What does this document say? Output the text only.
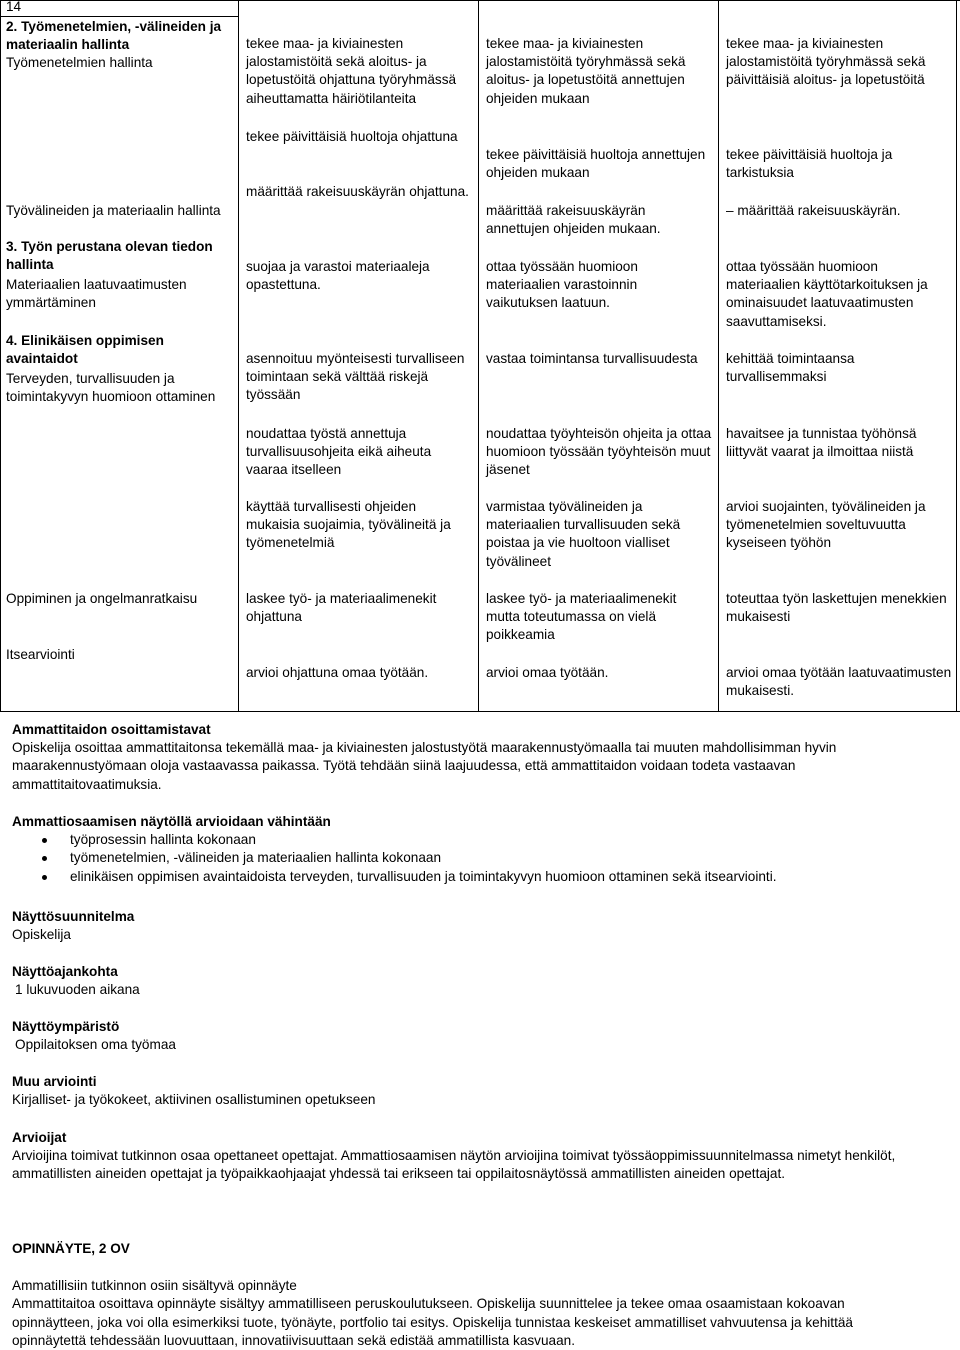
14
2. Työmenetelmien, -välineiden ja materiaalin hallinta
Työmenetelmien hallinta
Työvälineiden ja materiaalin hallinta
3. Työn perustana olevan tiedon hallinta
Materiaalien laatuvaatimusten ymmärtäminen
4. Elinikäisen oppimisen avaintaidot
Terveyden, turvallisuuden ja toimintakyvyn huomioon ottaminen
Oppiminen ja ongelmanratkaisu
Itsearviointi
tekee maa- ja kiviainesten jalostamistöitä sekä aloitus- ja lopetustöitä ohjattuna työryhmässä aiheuttamatta häiriötilanteita
tekee päivittäisiä huoltoja ohjattuna
määrittää rakeisuuskäyrän ohjattuna.
suojaa ja varastoi materiaaleja opastettuna.
asennoituu myönteisesti turvalliseen toimintaan sekä välttää riskejä työssään
noudattaa työstä annettuja turvallisuusohjeita eikä aiheuta vaaraa itselleen
käyttää turvallisesti ohjeiden mukaisia suojaimia, työvälineitä ja työmenetelmiä
laskee työ- ja materiaalimenekit ohjattuna
arvioi ohjattuna omaa työtään.
tekee maa- ja kiviainesten jalostamistöitä työryhmässä sekä aloitus- ja lopetustöitä annettujen ohjeiden mukaan
tekee päivittäisiä huoltoja annettujen ohjeiden mukaan
määrittää rakeisuuskäyrän annettujen ohjeiden mukaan.
ottaa työssään huomioon materiaalien varastoinnin vaikutuksen laatuun.
vastaa toimintansa turvallisuudesta
noudattaa työyhteisön ohjeita ja ottaa huomioon työssään työyhteisön muut jäsenet
varmistaa työvälineiden ja materiaalien turvallisuuden sekä poistaa ja vie huoltoon vialliset työvälineet
laskee työ- ja materiaalimenekit mutta toteutumassa on vielä poikkeamia
arvioi omaa työtään.
tekee maa- ja kiviainesten jalostamistöitä työryhmässä sekä päivittäisiä aloitus- ja lopetustöitä
tekee päivittäisiä huoltoja ja tarkistuksia
– määrittää rakeisuuskäyrän.
ottaa työssään huomioon materiaalien käyttötarkoituksen ja ominaisuudet laatuvaatimusten saavuttamiseksi.
kehittää toimintaansa turvallisemmaksi
havaitsee ja tunnistaa työhönsä liittyvät vaarat ja ilmoittaa niistä
arvioi suojainten, työvälineiden ja työmenetelmien soveltuvuutta kyseiseen työhön
toteuttaa työn laskettujen menekkien mukaisesti
arvioi omaa työtään laatuvaatimusten mukaisesti.

Ammattitaidon osoittamistavat

Opiskelija osoittaa ammattitaitonsa tekemällä maa- ja kiviainesten jalostustyötä maarakennustyömaalla tai muuten mahdollisimman hyvin maarakennustyömaan oloja vastaavassa paikassa. Työtä tehdään siinä laajuudessa, että ammattitaidon voidaan todeta vastaavan ammattitaitovaatimuksia.

Ammattiosaamisen näytöllä arvioidaan vähintään

työprosessin hallinta kokonaan
työmenetelmien, -välineiden ja materiaalien hallinta kokonaan
elinikäisen oppimisen avaintaidoista terveyden, turvallisuuden ja toimintakyvyn huomioon ottaminen sekä itsearviointi.

Näyttösuunnitelma

Opiskelija

Näyttöajankohta

1 lukuvuoden aikana

Näyttöympäristö

Oppilaitoksen oma työmaa

Muu arviointi

Kirjalliset- ja työkokeet, aktiivinen osallistuminen opetukseen

Arvioijat

Arvioijina toimivat tutkinnon osaa opettaneet opettajat. Ammattiosaamisen näytön arvioijina toimivat työssäoppimissuunnitelmassa nimetyt henkilöt, ammatillisten aineiden opettajat ja työpaikkaohjaajat yhdessä tai erikseen tai oppilaitosnäytössä ammatillisten aineiden opettajat.

OPINNÄYTE, 2 OV

Ammatillisiin tutkinnon osiin sisältyvä opinnäyte

Ammattitaitoa osoittava opinnäyte sisältyy ammatilliseen peruskoulutukseen. Opiskelija suunnittelee ja tekee omaa osaamistaan kokoavan opinnäytteen, joka voi olla esimerkiksi tuote, työnäyte, portfolio tai esitys. Opiskelija tunnistaa keskeiset ammatilliset vahvuutensa ja kehittää opinnäytettä tehdessään luovuuttaan, innovatiivisuuttaan sekä edistää ammatillista kasvuaan.
